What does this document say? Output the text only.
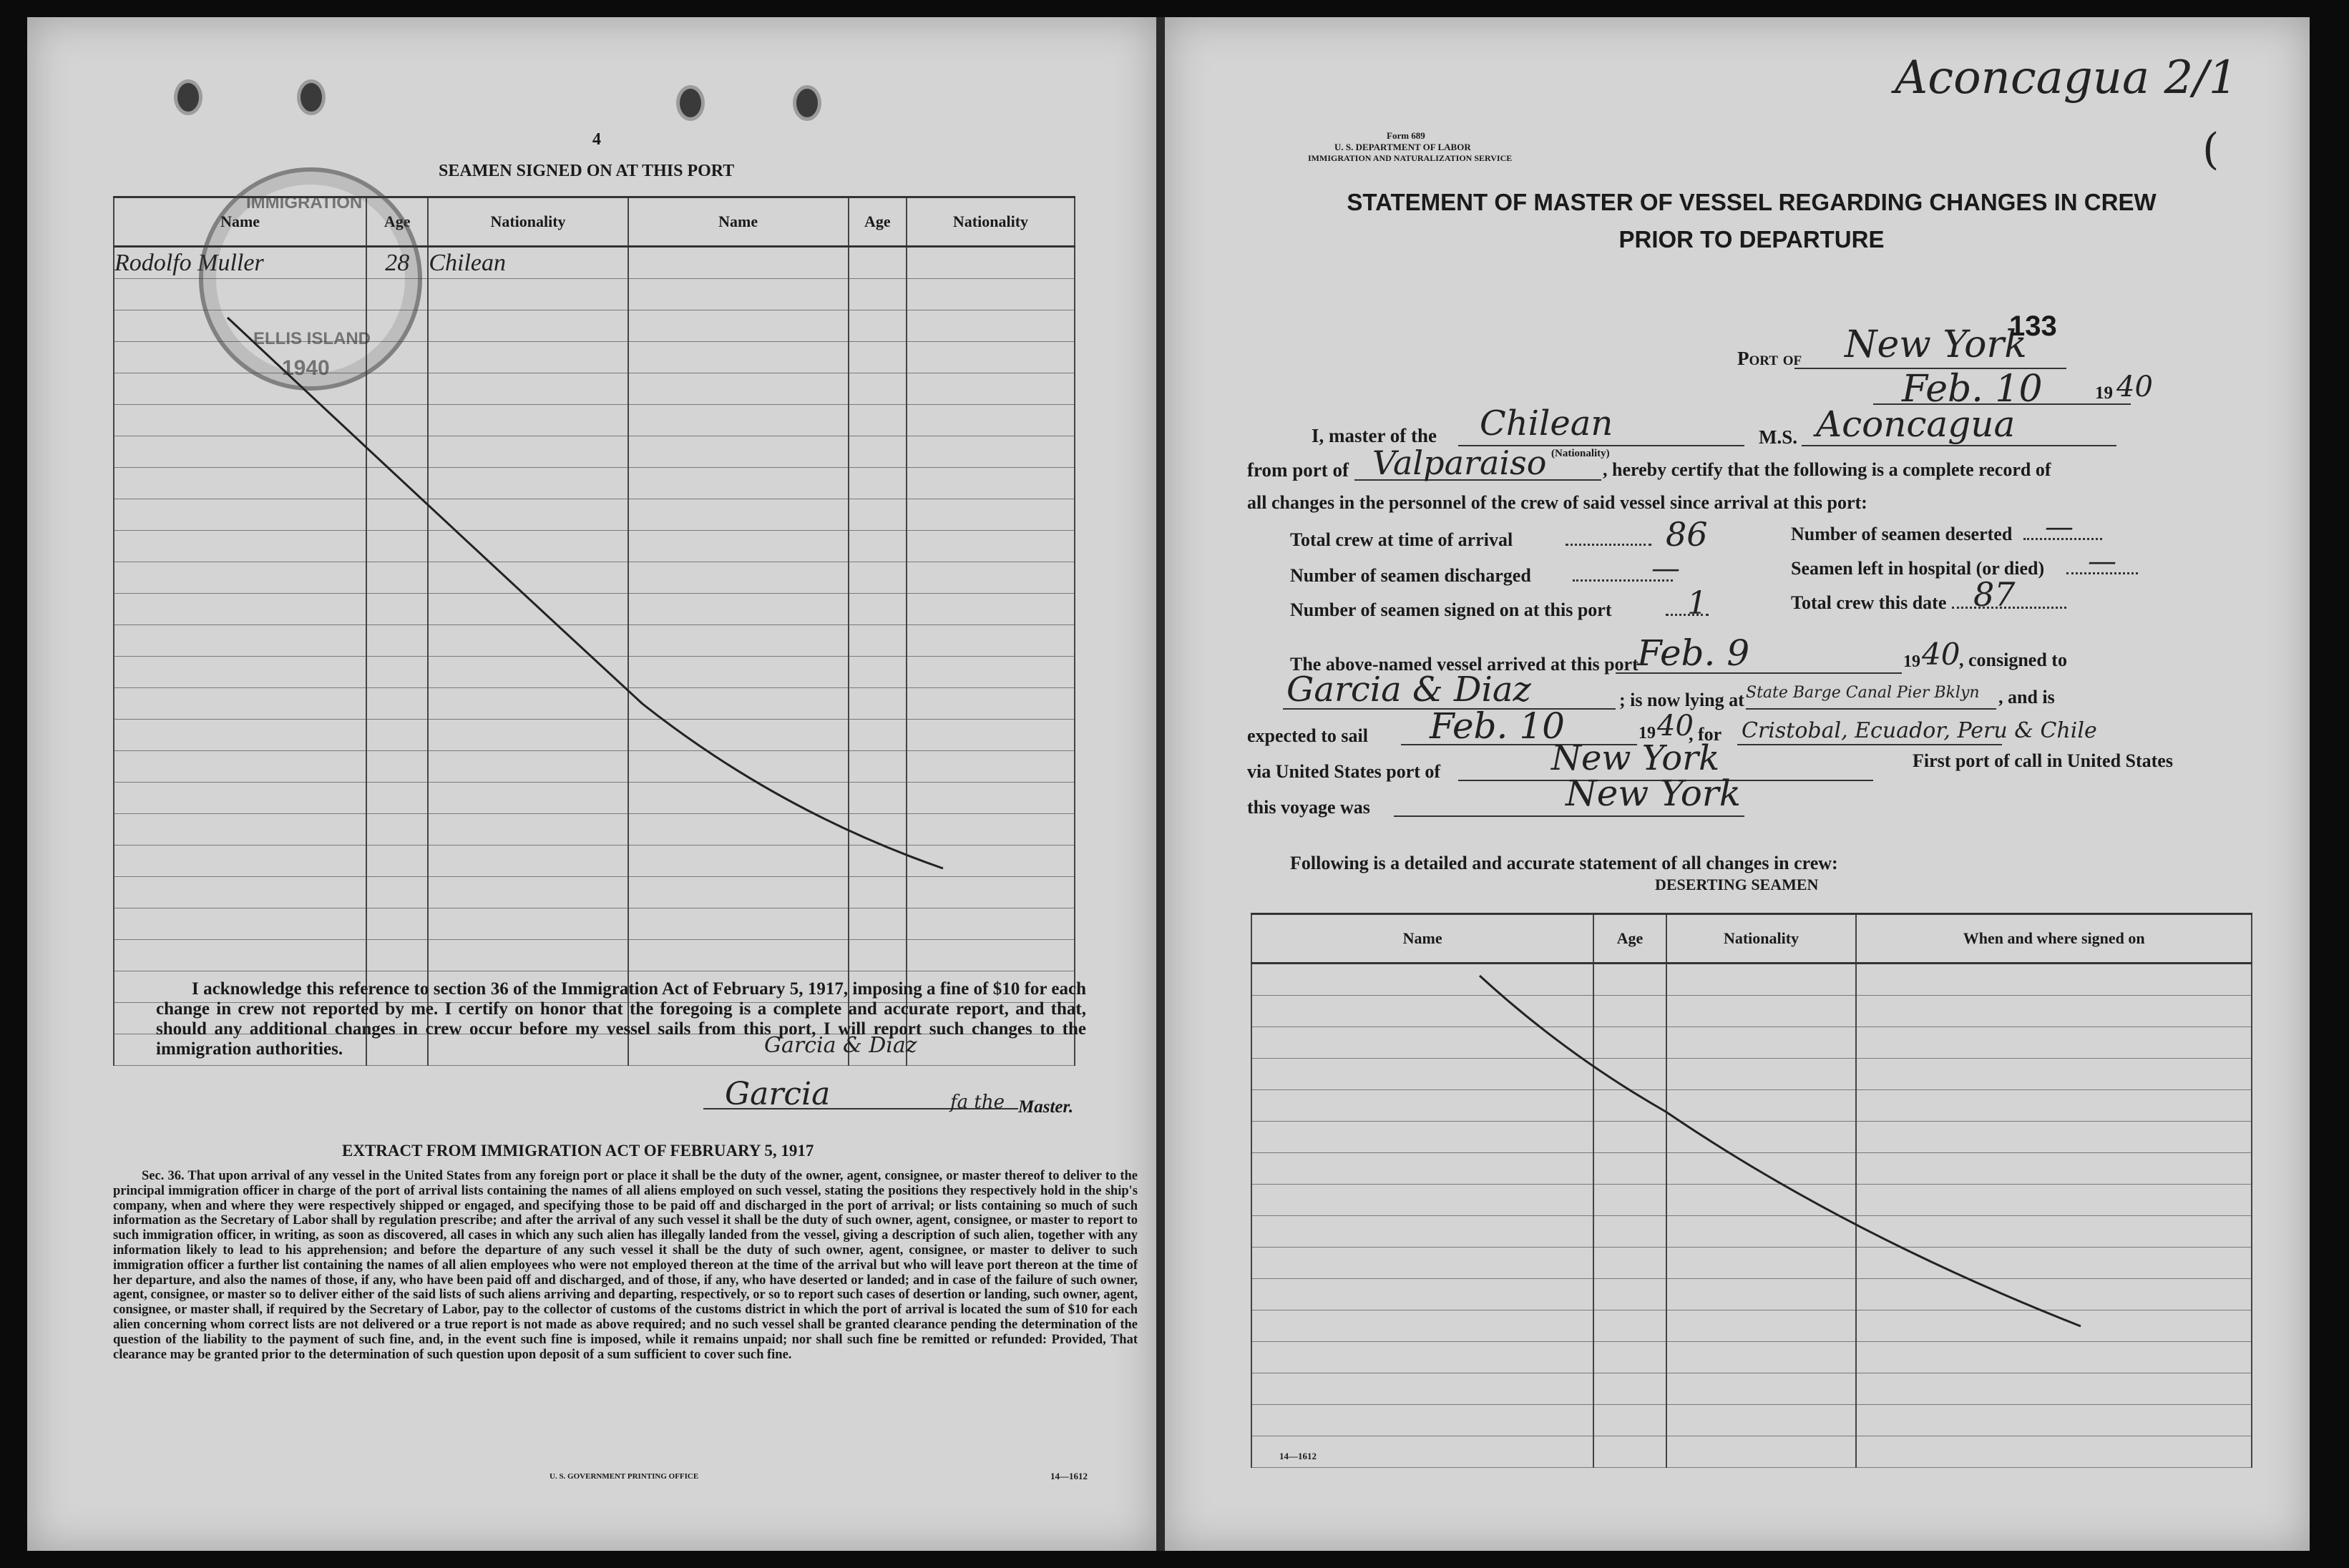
4
SEAMEN SIGNED ON AT THIS PORT
Name	Age	Nationality	Name	Age	Nationality
Rodolfo Muller	28	Chilean			

IMMIGRATION
ELLIS ISLAND
1940
I acknowledge this reference to section 36 of the Immigration Act of February 5, 1917, imposing a fine of $10 for each change in crew not reported by me. I certify on honor that the foregoing is a complete and accurate report, and that, should any additional changes in crew occur before my vessel sails from this port, I will report such changes to the immigration authorities.	Garcia & Diaz
Garcia	fa the Master.
EXTRACT FROM IMMIGRATION ACT OF FEBRUARY 5, 1917
Sec. 36. That upon arrival of any vessel in the United States from any foreign port or place it shall be the duty of the owner, agent, consignee, or master thereof to deliver to the principal immigration officer in charge of the port of arrival lists containing the names of all aliens employed on such vessel, stating the positions they respectively hold in the ship's company, when and where they were respectively shipped or engaged, and specifying those to be paid off and discharged in the port of arrival; or lists containing so much of such information as the Secretary of Labor shall by regulation prescribe; and after the arrival of any such vessel it shall be the duty of such owner, agent, consignee, or master to report to such immigration officer, in writing, as soon as discovered, all cases in which any such alien has illegally landed from the vessel, giving a description of such alien, together with any information likely to lead to his apprehension; and before the departure of any such vessel it shall be the duty of such owner, agent, consignee, or master to deliver to such immigration officer a further list containing the names of all alien employees who were not employed thereon at the time of the arrival but who will leave port thereon at the time of her departure, and also the names of those, if any, who have been paid off and discharged, and of those, if any, who have deserted or landed; and in case of the failure of such owner, agent, consignee, or master so to deliver either of the said lists of such aliens arriving and departing, respectively, or so to report such cases of desertion or landing, such owner, agent, consignee, or master shall, if required by the Secretary of Labor, pay to the collector of customs of the customs district in which the port of arrival is located the sum of $10 for each alien concerning whom correct lists are not delivered or a true report is not made as above required; and no such vessel shall be granted clearance pending the determination of the question of the liability to the payment of such fine, and, in the event such fine is imposed, while it remains unpaid; nor shall such fine be remitted or refunded: Provided, That clearance may be granted prior to the determination of such question upon deposit of a sum sufficient to cover such fine.
U. S. GOVERNMENT PRINTING OFFICE	14—1612
Aconcagua 2/1
(
Form 689
U. S. DEPARTMENT OF LABOR
IMMIGRATION AND NATURALIZATION SERVICE
STATEMENT OF MASTER OF VESSEL REGARDING CHANGES IN CREW
PRIOR TO DEPARTURE
Port of New York
133
Feb. 10	19 40
I, master of the Chilean
(Nationality)
M.S. Aconcagua
from port of Valparaiso	, hereby certify that the following is a complete record of
all changes in the personnel of the crew of said vessel since arrival at this port:
Total crew at time of arrival	86
Number of seamen discharged	—
Number of seamen signed on at this port 1
Number of seamen deserted —
Seamen left in hospital (or died) —
Total crew this date 87
The above-named vessel arrived at this port
Feb. 9	19 40
, consigned to
Garcia & Diaz	; is now lying at State Barge Canal Pier Bklyn , and is
expected to sail Feb. 10	19 40
, for Cristobal, Ecuador, Peru & Chile
via United States port of	New York	First port of call in United States
this voyage was	New York
Following is a detailed and accurate statement of all changes in crew:
DESERTING SEAMEN
Name	Age	Nationality	When and where signed on

14—1612
